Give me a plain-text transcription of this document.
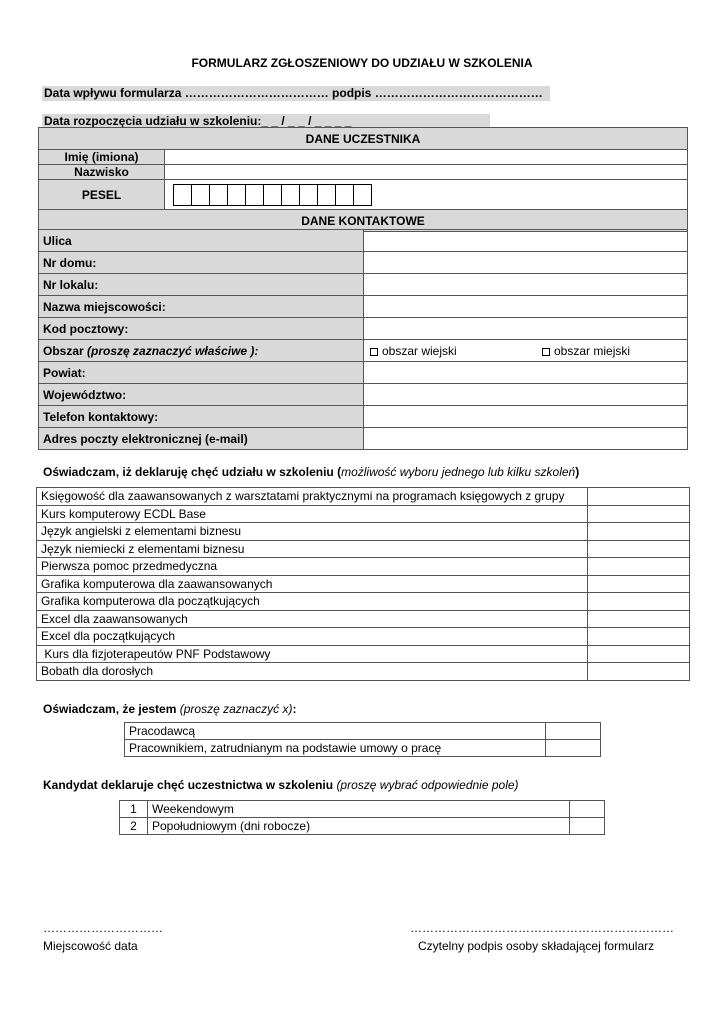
FORMULARZ ZGŁOSZENIOWY DO UDZIAŁU W SZKOLENIA
Data wpływu formularza ……………………………… podpis ……………………………………
Data rozpoczęcia udziału w szkoleniu:_ _ / _ _ / _ _ _ _
DANE UCZESTNIKA	
Imię (imiona)	
Nazwisko	
PESEL	
DANE KONTAKTOWE	
Ulica	
Nr domu:	
Nr lokalu:	
Nazwa miejscowości:	
Kod pocztowy:	
Obszar (proszę zaznaczyć właściwe ):	obszar wiejski obszar miejski

Powiat:	
Województwo:	
Telefon kontaktowy:	
Adres poczty elektronicznej (e-mail)	
Oświadczam, iż deklaruję chęć udziału w szkoleniu (możliwość wyboru jednego lub kilku szkoleń)
Księgowość dla zaawansowanych z warsztatami praktycznymi na programach księgowych z grupy	
Kurs komputerowy ECDL Base	
Język angielski z elementami biznesu	
Język niemiecki z elementami biznesu	
Pierwsza pomoc przedmedyczna	
Grafika komputerowa dla zaawansowanych	
Grafika komputerowa dla początkujących	
Excel dla zaawansowanych	
Excel dla początkujących	
Kurs dla fizjoterapeutów PNF Podstawowy	
Bobath dla dorosłych	
Oświadczam, że jestem (proszę zaznaczyć x):
Pracodawcą	
Pracownikiem, zatrudnianym na podstawie umowy o pracę	
Kandydat deklaruje chęć uczestnictwa w szkoleniu (proszę wybrać odpowiednie pole)
1	Weekendowym	
2	Popołudniowym (dni robocze)	
…………………………
Miejscowość data
…………………………………………………………
Czytelny podpis osoby składającej formularz
